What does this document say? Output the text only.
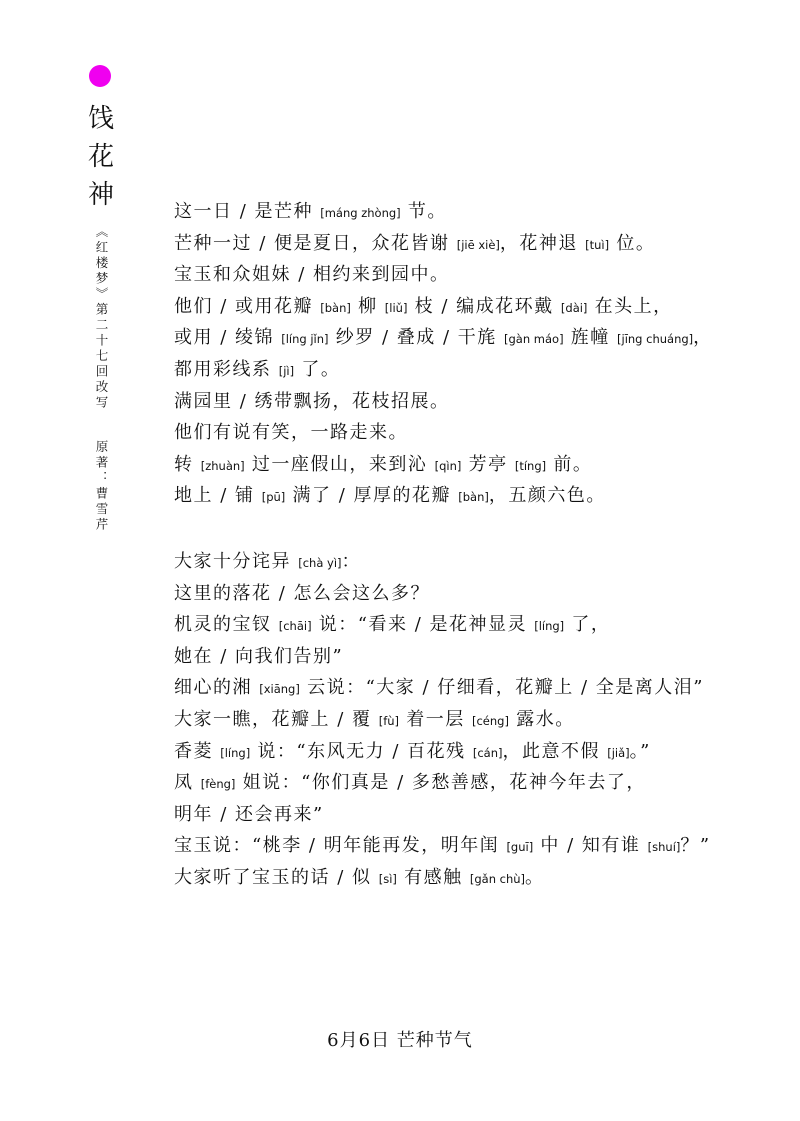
饯
花
神
《红楼梦》第二十七回改写
原著：曹雪芹
这一日 / 是芒种 [máng zhòng] 节。
芒种一过 / 便是夏日，众花皆谢 [jiē xiè]，花神退 [tuì] 位。
宝玉和众姐妹 / 相约来到园中。
他们 / 或用花瓣 [bàn] 柳 [liǔ] 枝 / 编成花环戴 [dài] 在头上，
或用 / 绫锦 [líng jǐn] 纱罗 / 叠成 / 干旄 [gàn máo] 旌幢 [jīng chuáng]，
都用彩线系 [jì] 了。
满园里 / 绣带飘扬，花枝招展。
他们有说有笑，一路走来。
转 [zhuàn] 过一座假山，来到沁 [qìn] 芳亭 [tíng] 前。
地上 / 铺 [pū] 满了 / 厚厚的花瓣 [bàn]，五颜六色。
大家十分诧异 [chà yì]：
这里的落花 / 怎么会这么多？
机灵的宝钗 [chāi] 说：“看来 / 是花神显灵 [líng] 了，
她在 / 向我们告别”
细心的湘 [xiāng] 云说：“大家 / 仔细看，花瓣上 / 全是离人泪”
大家一瞧，花瓣上 / 覆 [fù] 着一层 [céng] 露水。
香菱 [líng] 说：“东风无力 / 百花残 [cán]，此意不假 [jiǎ]。”
凤 [fèng] 姐说：“你们真是 / 多愁善感，花神今年去了，
明年 / 还会再来”
宝玉说：“桃李 / 明年能再发，明年闺 [guī] 中 / 知有谁 [shuí]？”
大家听了宝玉的话 / 似 [sì] 有感触 [gǎn chù]。
6月6日 芒种节气
